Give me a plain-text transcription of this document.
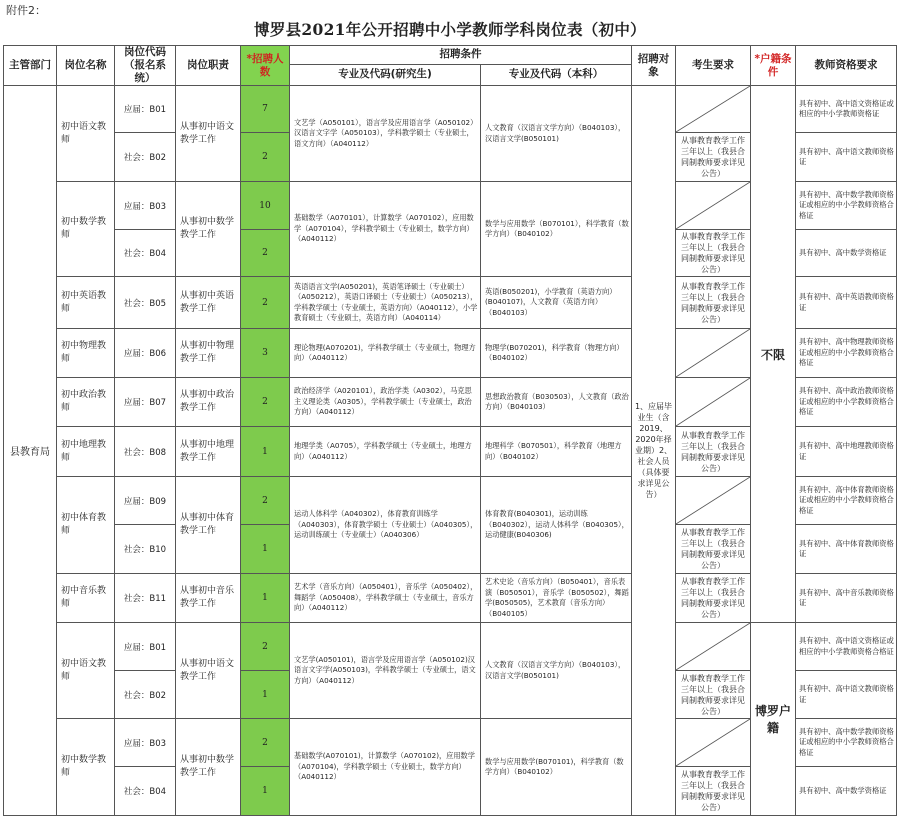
附件2：
博罗县2021年公开招聘中小学教师学科岗位表（初中）
主管部门	岗位名称	岗位代码（报名系统）	岗位职责	*招聘人数	招聘条件		招聘对象	考生要求	*户籍条件	教师资格要求
					专业及代码(研究生)	专业及代码（本科）				
县教育局	初中语文教师	应届：B01	从事初中语文教学工作	7	文艺学（A050101），语言学及应用语言学（A050102）汉语言文字学（A050103），学科教学硕士（专业硕士，语文方向）（A040112）	人文教育（汉语言文学方向）（B040103），汉语言文学(B050101)	1、应届毕业生（含2019、2020年择业期）2、社会人员（具体要求详见公告）		不限	具有初中、高中语文资格证或相应的中小学教师资格证
		社会：B02		2				从事教育教学工作三年以上（我县合同制教师要求详见公告）		具有初中、高中语文教师资格证
	初中数学教师	应届：B03	从事初中数学教学工作	10	基础数学（A070101），计算数学（A070102），应用数学（A070104），学科教学硕士（专业硕士，数学方向）（A040112）	数学与应用数学（B070101），科学教育（数学方向）（B040102）				具有初中、高中数学教师资格证或相应的中小学教师资格合格证
		社会：B04		2				从事教育教学工作三年以上（我县合同制教师要求详见公告）		具有初中、高中数学资格证
	初中英语教师	社会：B05	从事初中英语教学工作	2	英语语言文学(A050201)，英语笔译硕士（专业硕士）（A050212），英语口译硕士（专业硕士）（A050213），学科教学硕士（专业硕士，英语方向）（A040112），小学教育硕士（专业硕士，英语方向）（A040114）	英语(B050201)，小学教育（英语方向）(B040107)，人文教育（英语方向）（B040103）		从事教育教学工作三年以上（我县合同制教师要求详见公告）		具有初中、高中英语教师资格证
	初中物理教师	应届：B06	从事初中物理教学工作	3	理论物理(A070201)，学科教学硕士（专业硕士，物理方向）（A040112）	物理学(B070201)，科学教育（物理方向）（B040102）				具有初中、高中物理教师资格证或相应的中小学教师资格合格证
	初中政治教师	应届：B07	从事初中政治教学工作	2	政治经济学（A020101），政治学类（A0302），马克思主义理论类（A0305），学科教学硕士（专业硕士，政治方向）（A040112）	思想政治教育（B030503），人文教育（政治方向）（B040103）				具有初中、高中政治教师资格证或相应的中小学教师资格合格证
	初中地理教师	社会：B08	从事初中地理教学工作	1	地理学类（A0705），学科教学硕士（专业硕士，地理方向）（A040112）	地理科学（B070501），科学教育（地理方向）（B040102）		从事教育教学工作三年以上（我县合同制教师要求详见公告）		具有初中、高中地理教师资格证
	初中体育教师	应届：B09	从事初中体育教学工作	2	运动人体科学（A040302），体育教育训练学（A040303），体育教学硕士（专业硕士）（A040305），运动训练硕士（专业硕士）（A040306）	体育教育(B040301)，运动训练（B040302），运动人体科学（B040305），运动健康(B040306)				具有初中、高中体育教师资格证或相应的中小学教师资格合格证
		社会：B10		1				从事教育教学工作三年以上（我县合同制教师要求详见公告）		具有初中、高中体育教师资格证
	初中音乐教师	社会：B11	从事初中音乐教学工作	1	艺术学（音乐方向）（A050401），音乐学（A050402），舞蹈学（A050408），学科教学硕士（专业硕士，音乐方向）（A040112）	艺术史论（音乐方向）（B050401），音乐表演（B050501），音乐学（B050502），舞蹈学(B050505)，艺术教育（音乐方向）（B040105）		从事教育教学工作三年以上（我县合同制教师要求详见公告）		具有初中、高中音乐教师资格证
	初中语文教师	应届：B01	从事初中语文教学工作	2	文艺学(A050101)，语言学及应用语言学（A050102)汉语言文字学(A050103)，学科教学硕士（专业硕士，语文方向）（A040112）	人文教育（汉语言文学方向）（B040103），汉语言文学(B050101)			博罗户籍	具有初中、高中语文资格证或相应的中小学教师资格合格证
		社会：B02		1				从事教育教学工作三年以上（我县合同制教师要求详见公告）		具有初中、高中语文教师资格证
	初中数学教师	应届：B03	从事初中数学教学工作	2	基础数学(A070101)，计算数学（A070102)，应用数学（A070104)，学科教学硕士（专业硕士，数学方向）（A040112）	数学与应用数学(B070101)，科学教育（数学方向）（B040102）				具有初中、高中数学教师资格证或相应的中小学教师资格合格证
		社会：B04		1				从事教育教学工作三年以上（我县合同制教师要求详见公告）		具有初中、高中数学资格证
